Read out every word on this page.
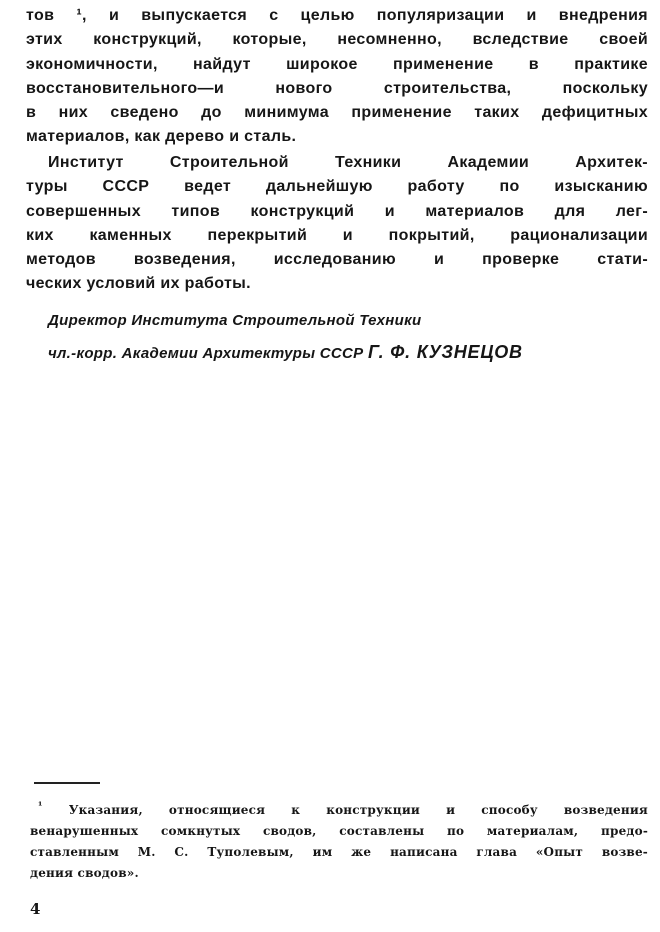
тов ¹, и выпускается с целью популяризации и внедрения
этих конструкций, которые, несомненно, вследствие своей
экономичности, найдут широкое применение в практике
восстановительного—и нового строительства, поскольку
в них сведено до минимума применение таких дефицитных
материалов, как дерево и сталь.
Институт Строительной Техники Академии Архитек-
туры СССР ведет дальнейшую работу по изысканию
совершенных типов конструкций и материалов для лег-
ких каменных перекрытий и покрытий, рационализации
методов возведения, исследованию и проверке стати-
ческих условий их работы.
Директор Института Строительной Техники
чл.-корр. Академии Архитектуры СССР Г. Ф. КУЗНЕЦОВ
$^{^1}$ Указания, относящиеся к конструкции и способу возведения
венарушенных сомкнутых сводов, составлены по материалам, предо-
ставленным М. С. Туполевым, им же написана глава «Опыт возве-
дения сводов».
4
